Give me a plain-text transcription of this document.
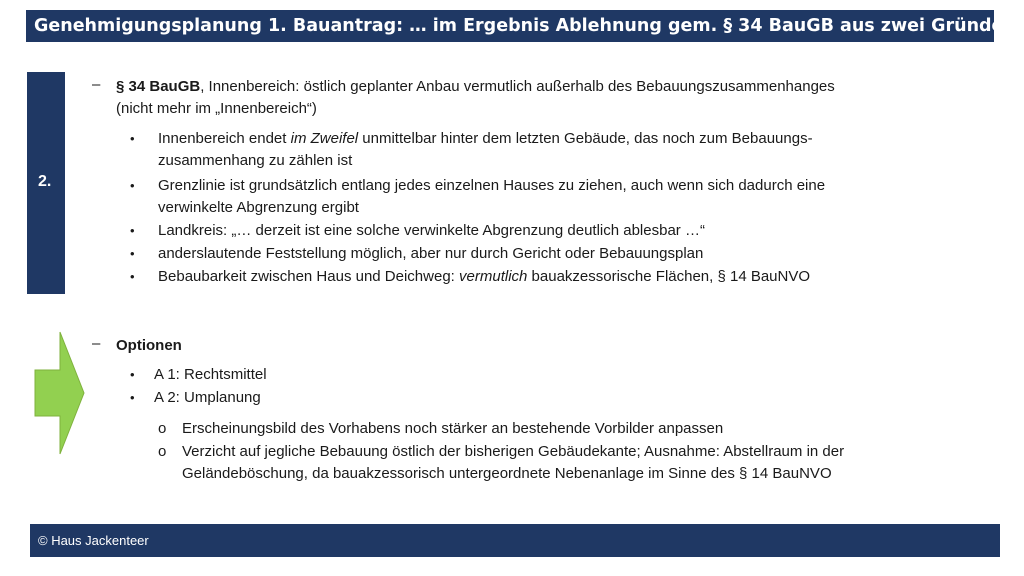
Genehmigungsplanung 1. Bauantrag: … im Ergebnis Ablehnung gem. § 34 BauGB aus zwei Gründen
2.
– § 34 BauGB, Innenbereich: östlich geplanter Anbau vermutlich außerhalb des Bebauungszusammenhanges
(nicht mehr im „Innenbereich“)
• Innenbereich endet im Zweifel unmittelbar hinter dem letzten Gebäude, das noch zum Bebauungs-
zusammenhang zu zählen ist
• Grenzlinie ist grundsätzlich entlang jedes einzelnen Hauses zu ziehen, auch wenn sich dadurch eine
verwinkelte Abgrenzung ergibt
• Landkreis: „… derzeit ist eine solche verwinkelte Abgrenzung deutlich ablesbar …“
• anderslautende Feststellung möglich, aber nur durch Gericht oder Bebauungsplan
• Bebaubarkeit zwischen Haus und Deichweg: vermutlich bauakzessorische Flächen, § 14 BauNVO
– Optionen
• A 1: Rechtsmittel
• A 2: Umplanung
o Erscheinungsbild des Vorhabens noch stärker an bestehende Vorbilder anpassen
o Verzicht auf jegliche Bebauung östlich der bisherigen Gebäudekante; Ausnahme: Abstellraum in der
Geländeböschung, da bauakzessorisch untergeordnete Nebenanlage im Sinne des § 14 BauNVO
© Haus Jackenteer
